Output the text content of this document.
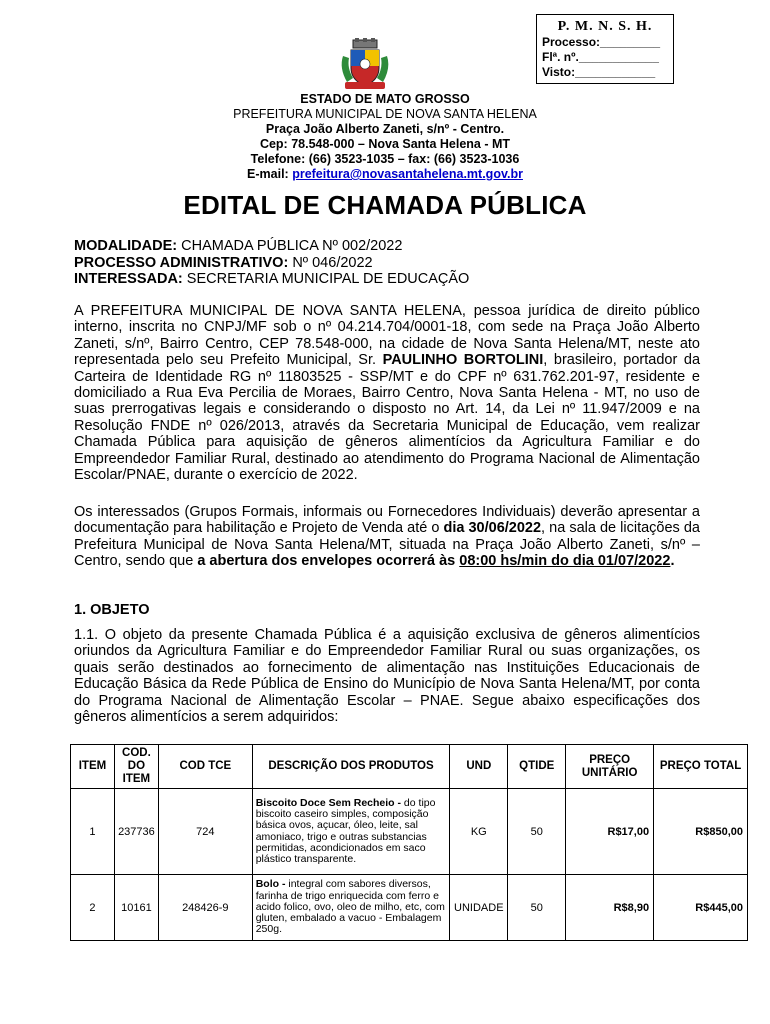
P. M. N. S. H.
Processo:_________
Flª. nº.____________
Visto:____________
ESTADO DE MATO GROSSO
PREFEITURA MUNICIPAL DE NOVA SANTA HELENA
Praça João Alberto Zaneti, s/nº - Centro.
Cep: 78.548-000 – Nova Santa Helena - MT
Telefone: (66) 3523-1035 – fax: (66) 3523-1036
E-mail: prefeitura@novasantahelena.mt.gov.br
EDITAL DE CHAMADA PÚBLICA
MODALIDADE: CHAMADA PÚBLICA Nº 002/2022
PROCESSO ADMINISTRATIVO: Nº 046/2022
INTERESSADA: SECRETARIA MUNICIPAL DE EDUCAÇÃO
A PREFEITURA MUNICIPAL DE NOVA SANTA HELENA, pessoa jurídica de direito público interno, inscrita no CNPJ/MF sob o nº 04.214.704/0001-18, com sede na Praça João Alberto Zaneti, s/nº, Bairro Centro, CEP 78.548-000, na cidade de Nova Santa Helena/MT, neste ato representada pelo seu Prefeito Municipal, Sr. PAULINHO BORTOLINI, brasileiro, portador da Carteira de Identidade RG nº 11803525 - SSP/MT e do CPF nº 631.762.201-97, residente e domiciliado a Rua Eva Percilia de Moraes, Bairro Centro, Nova Santa Helena - MT, no uso de suas prerrogativas legais e considerando o disposto no Art. 14, da Lei nº 11.947/2009 e na Resolução FNDE nº 026/2013, através da Secretaria Municipal de Educação, vem realizar Chamada Pública para aquisição de gêneros alimentícios da Agricultura Familiar e do Empreendedor Familiar Rural, destinado ao atendimento do Programa Nacional de Alimentação Escolar/PNAE, durante o exercício de 2022.
Os interessados (Grupos Formais, informais ou Fornecedores Individuais) deverão apresentar a documentação para habilitação e Projeto de Venda até o dia 30/06/2022, na sala de licitações da Prefeitura Municipal de Nova Santa Helena/MT, situada na Praça João Alberto Zaneti, s/nº – Centro, sendo que a abertura dos envelopes ocorrerá às 08:00 hs/min do dia 01/07/2022.
1. OBJETO
1.1. O objeto da presente Chamada Pública é a aquisição exclusiva de gêneros alimentícios oriundos da Agricultura Familiar e do Empreendedor Familiar Rural ou suas organizações, os quais serão destinados ao fornecimento de alimentação nas Instituições Educacionais de Educação Básica da Rede Pública de Ensino do Município de Nova Santa Helena/MT, por conta do Programa Nacional de Alimentação Escolar – PNAE. Segue abaixo especificações dos gêneros alimentícios a serem adquiridos:
ITEM	COD. DO ITEM	COD TCE	DESCRIÇÃO DOS PRODUTOS	UND	QTIDE	PREÇO UNITÁRIO	PREÇO TOTAL
1	237736	724	Biscoito Doce Sem Recheio - do tipo biscoito caseiro simples, composição básica ovos, açucar, óleo, leite, sal amoniaco, trigo e outras substancias permitidas, acondicionados em saco plástico transparente.	KG	50	R$17,00	R$850,00
2	10161	248426-9	Bolo - integral com sabores diversos, farinha de trigo enriquecida com ferro e acido folico, ovo, oleo de milho, etc, com gluten, embalado a vacuo - Embalagem 250g.	UNIDADE	50	R$8,90	R$445,00
